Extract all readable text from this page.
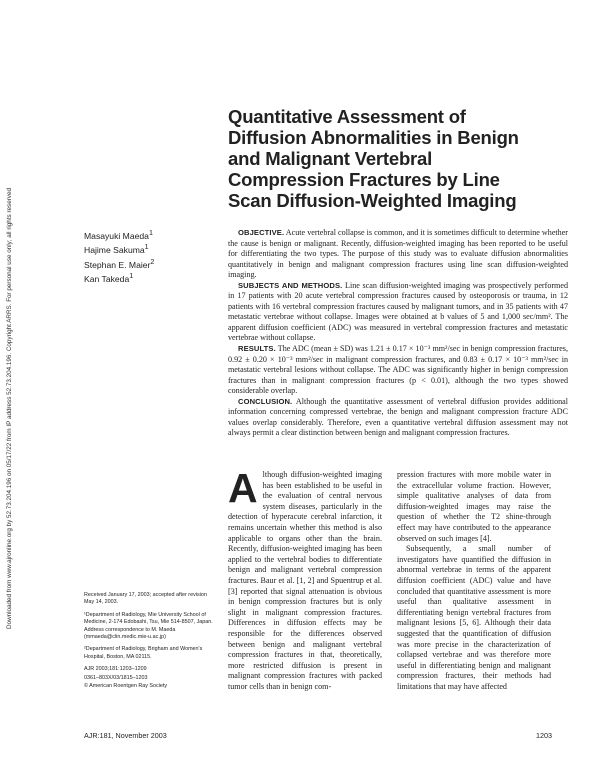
Downloaded from www.ajronline.org by 52.73.204.196 on 05/17/22 from IP address 52.73.204.196. Copyright ARRS. For personal use only; all rights reserved
Quantitative Assessment of
Diffusion Abnormalities in Benign
and Malignant Vertebral
Compression Fractures by Line
Scan Diffusion-Weighted Imaging
Masayuki Maeda$^1$
Hajime Sakuma$^1$
Stephan E. Maier$^2$
Kan Takeda$^1$

OBJECTIVE. Acute vertebral collapse is common, and it is sometimes difficult to determine whether the cause is benign or malignant. Recently, diffusion-weighted imaging has been reported to be useful for differentiating the two types. The purpose of this study was to evaluate diffusion abnormalities quantitatively in benign and malignant compression fractures using line scan diffusion-weighted imaging.

SUBJECTS AND METHODS. Line scan diffusion-weighted imaging was prospectively performed in 17 patients with 20 acute vertebral compression fractures caused by osteoporosis or trauma, in 12 patients with 16 vertebral compression fractures caused by malignant tumors, and in 35 patients with 47 metastatic vertebrae without collapse. Images were obtained at b values of 5 and 1,000 sec/mm². The apparent diffusion coefficient (ADC) was measured in vertebral compression fractures and metastatic vertebrae without collapse.

RESULTS. The ADC (mean ± SD) was 1.21 ± 0.17 × 10⁻³ mm²/sec in benign compression fractures, 0.92 ± 0.20 × 10⁻³ mm²/sec in malignant compression fractures, and 0.83 ± 0.17 × 10⁻³ mm²/sec in metastatic vertebral lesions without collapse. The ADC was significantly higher in benign compression fractures than in malignant compression fractures (p < 0.01), although the two types showed considerable overlap.

CONCLUSION. Although the quantitative assessment of vertebral diffusion provides additional information concerning compressed vertebrae, the benign and malignant compression fracture ADC values overlap considerably. Therefore, even a quantitative vertebral diffusion assessment may not always permit a clear distinction between benign and malignant compression fractures.

Although diffusion-weighted imaging has been established to be useful in the evaluation of central nervous system diseases, particularly in the detection of hyperacute cerebral infarction, it remains uncertain whether this method is also applicable to organs other than the brain. Recently, diffusion-weighted imaging has been applied to the vertebral bodies to differentiate benign and malignant vertebral compression fractures. Baur et al. [1, 2] and Spuentrup et al. [3] reported that signal attenuation is obvious in benign compression fractures but is only slight in malignant compression fractures. Differences in diffusion effects may be responsible for the differences observed between benign and malignant vertebral compression fractures in that, theoretically, more restricted diffusion is present in malignant compression fractures with packed tumor cells than in benign com-

pression fractures with more mobile water in the extracellular volume fraction. However, simple qualitative analyses of data from diffusion-weighted images may raise the question of whether the T2 shine-through effect may have contributed to the appearance observed on such images [4].

Subsequently, a small number of investigators have quantified the diffusion in abnormal vertebrae in terms of the apparent diffusion coefficient (ADC) value and have concluded that quantitative assessment is more useful than qualitative assessment in differentiating benign vertebral fractures from malignant lesions [5, 6]. Although their data suggested that the quantification of diffusion was more precise in the characterization of collapsed vertebrae and was therefore more useful in differentiating benign and malignant compression fractures, their methods had limitations that may have affected

Received January 17, 2003; accepted after revision May 14, 2003.

¹Department of Radiology, Mie University School of Medicine, 2-174 Edobashi, Tsu, Mie 514-8507, Japan. Address correspondence to M. Maeda (mmaeda@clin.medic.mie-u.ac.jp)

²Department of Radiology, Brigham and Women's Hospital, Boston, MA 02115.

AJR 2003;181:1203–1209

0361–803X/03/1815–1203

© American Roentgen Ray Society

AJR:181, November 2003	1203
